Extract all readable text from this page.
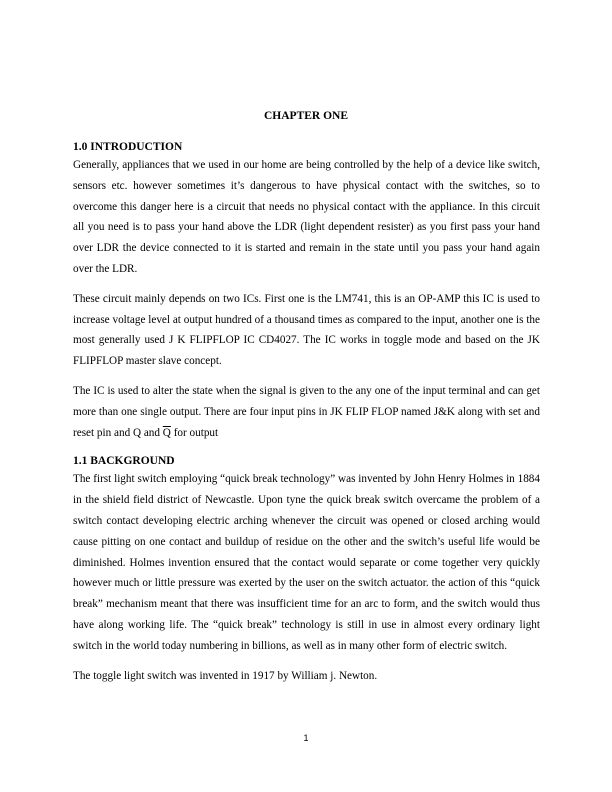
CHAPTER ONE
1.0 INTRODUCTION

Generally, appliances that we used in our home are being controlled by the help of a device like switch, sensors etc. however sometimes it’s dangerous to have physical contact with the switches, so to overcome this danger here is a circuit that needs no physical contact with the appliance. In this circuit all you need is to pass your hand above the LDR (light dependent resister) as you first pass your hand over LDR the device connected to it is started and remain in the state until you pass your hand again over the LDR.

These circuit mainly depends on two ICs. First one is the LM741, this is an OP-AMP this IC is used to increase voltage level at output hundred of a thousand times as compared to the input, another one is the most generally used J K FLIPFLOP IC CD4027. The IC works in toggle mode and based on the JK FLIPFLOP master slave concept.

The IC is used to alter the state when the signal is given to the any one of the input terminal and can get more than one single output. There are four input pins in JK FLIP FLOP named J&K along with set and reset pin and Q and $\overline{Q}$ for output

1.1 BACKGROUND

The first light switch employing “quick break technology” was invented by John Henry Holmes in 1884 in the shield field district of Newcastle. Upon tyne the quick break switch overcame the problem of a switch contact developing electric arching whenever the circuit was opened or closed arching would cause pitting on one contact and buildup of residue on the other and the switch’s useful life would be diminished. Holmes invention ensured that the contact would separate or come together very quickly however much or little pressure was exerted by the user on the switch actuator. the action of this “quick break” mechanism meant that there was insufficient time for an arc to form, and the switch would thus have along working life. The “quick break” technology is still in use in almost every ordinary light switch in the world today numbering in billions, as well as in many other form of electric switch.

The toggle light switch was invented in 1917 by William j. Newton.

1
